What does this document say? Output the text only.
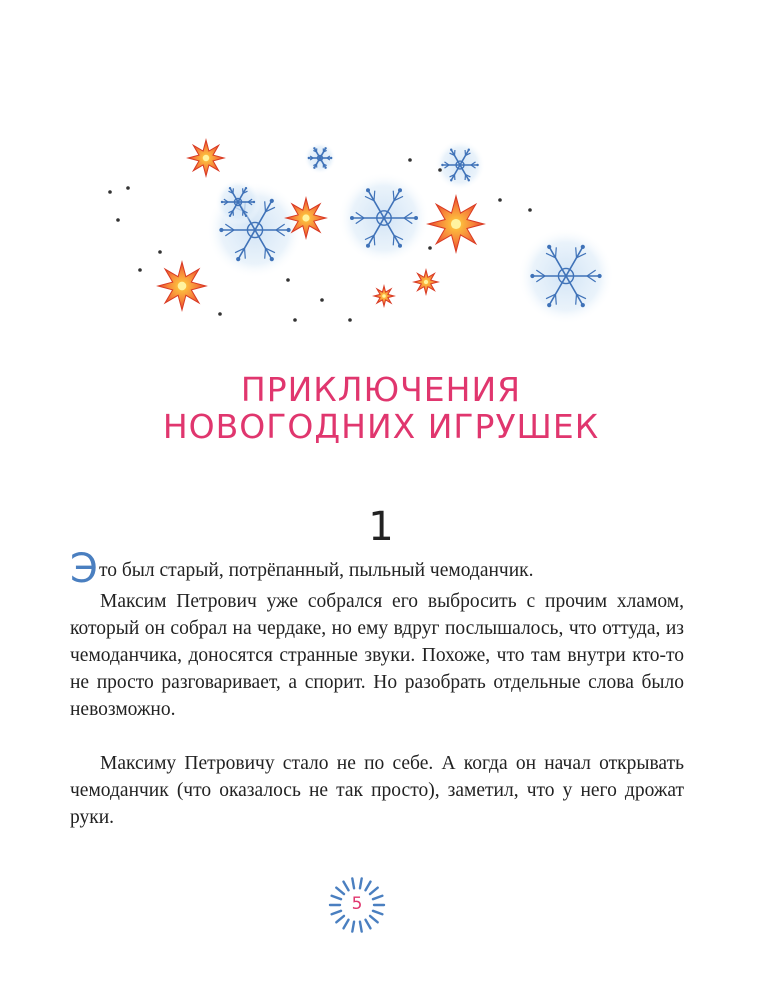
ПРИКЛЮЧЕНИЯ
НОВОГОДНИХ ИГРУШЕК
1

Это был старый, потрёпанный, пыльный чемоданчик.

Максим Петрович уже собрался его выбросить с прочим хламом, который он собрал на чердаке, но ему вдруг послышалось, что оттуда, из чемоданчика, доносятся странные звуки. Похоже, что там внутри кто-то не просто разговаривает, а спорит. Но разобрать отдельные слова было невозможно.

Максиму Петровичу стало не по себе. А когда он начал открывать чемоданчик (что оказалось не так просто), заметил, что у него дрожат руки.

5
